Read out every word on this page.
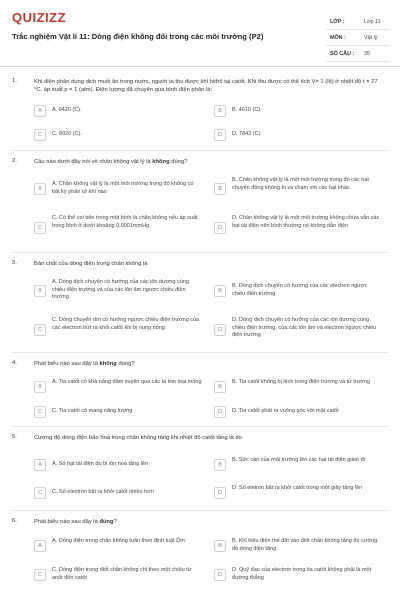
QUIZIZZ
Trắc nghiệm Vật lí 11: Dòng điện không đổi trong các môi trường (P2)
LỚP :	Lớp 11
MÔN :	Vật lý
SỐ CÂU : 35
1.	Khi điện phân dung dịch muối ăn trong nước, người ta thu được khí hiđrô tại catốt. Khí thu được có thể tích V= 1 (lít) ở nhiệt độ t = 27 °C, áp suất p = 1 (atm). Điện lượng đã chuyển qua bình điện phân là:
A	A. 6420 (C).	B	B. 4010 (C).
C	C. 8020 (C).	D	D. 7842 (C).
2.	Câu nào dưới đây nói về chân không vật lý là không đúng?
A
A. Chân không vật lý là một môi trường trong đó không có bất kỳ phân tử khí nào	B
B. Chân không vật lý là một môi trường trong đó các hạt chuyển động không bị va chạm với các hạt khác
C
C. Có thể coi bên trong một bình là chân không nếu áp suất trong bình ở dưới khoảng 0,0001mmHg	D
D. Chân không vật lý là một môi trường không chứa sẵn các hạt tải điện nên bình thường nó không dẫn điện
3.	Bản chất của dòng điện trong chân không là
A
A. Dòng dịch chuyển có hướng của các iôn dương cùng chiều điện trường và của các iôn âm ngược chiều điện trường
B
B. Dòng dịch chuyển có hướng của các electron ngược chiều điện trường
C
C. Dòng chuyển dời có hướng ngược chiều điện trường của các electron bứt ra khỏi catốt khi bị nung nóng	D
D. Dòng dịch chuyển có hướng của các iôn dương cùng chiều điện trường, của các iôn âm và electron ngược chiều điện trường
4.	Phát biểu nào sau đây là không đúng?
A
A. Tia catốt có khả năng đâm xuyên qua các lá kim loại mỏng
B
B. Tia catốt không bị lệch trong điện trường và từ trường
C	C. Tia catốt có mang năng lượng	D	D. Tia catốt phát ra vuông góc với mặt catốt
5.	Cường độ dòng điện bão hoà trong chân không tăng khi nhiệt độ catốt tăng là do
A	A. Số hạt tải điện do bị iôn hoá tăng lên	B
B. Sức cản của môi trường lên các hạt tải điện giảm đi
C	C. Số electron bật ra khỏi catốt nhiều hơn	D
D. Số eletron bật ra khỏi catốt trong một giây tăng lên
6.	Phát biểu nào sau đây là đúng?
A
A. Dòng điện trong chân không tuân theo định luật Ôm
B
B. Khi hiệu điện thế đặt vào điốt chân không tăng thì cường độ dòng điện tăng
C
C. Dòng điện trong điốt chân không chỉ theo một chiều từ anốt đến catốt	D
D. Quỹ đạo của electron trong tia catốt không phải là một đường thẳng
